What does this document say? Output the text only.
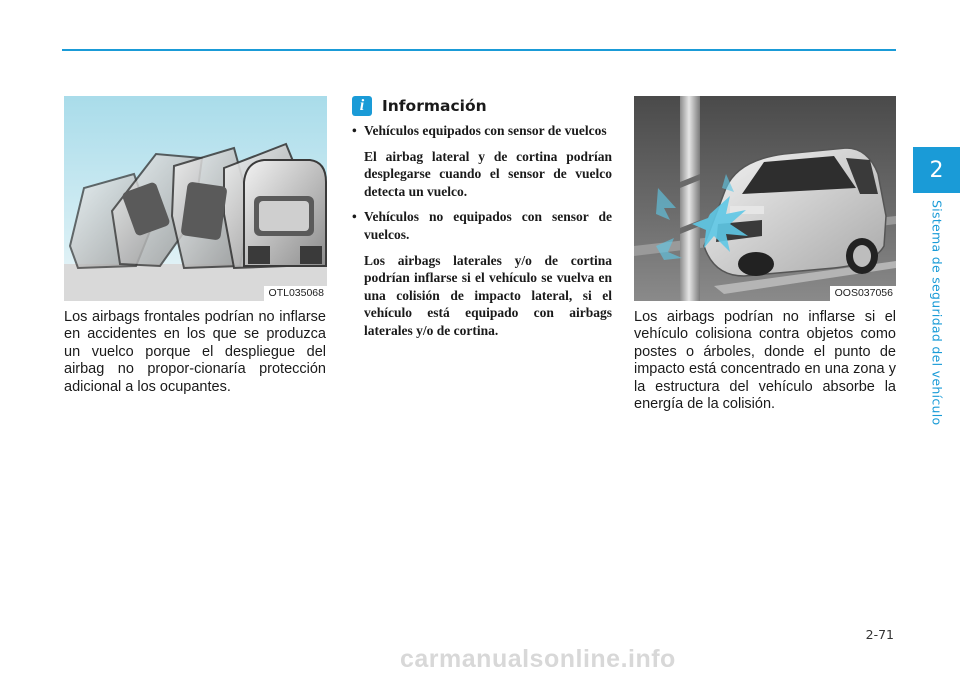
2
Sistema de seguridad del vehículo
OTL035068

Los airbags frontales podrían no inflarse en accidentes en los que se produzca un vuelco porque el despliegue del airbag no propor-cionaría protección adicional a los ocupantes.

i	Información
• Vehículos equipados con sensor de vuelcos

El airbag lateral y de cortina podrían desplegarse cuando el sensor de vuelco detecta un vuelco.

• Vehículos no equipados con sensor de vuelcos.

Los airbags laterales y/o de cortina podrían inflarse si el vehículo se vuelva en una colisión de impacto lateral, si el vehículo está equipado con airbags laterales y/o de cortina.

OOS037056

Los airbags podrían no inflarse si el vehículo colisiona contra objetos como postes o árboles, donde el punto de impacto está concentrado en una zona y la estructura del vehículo absorbe la energía de la colisión.

2-71
carmanualsonline.info
